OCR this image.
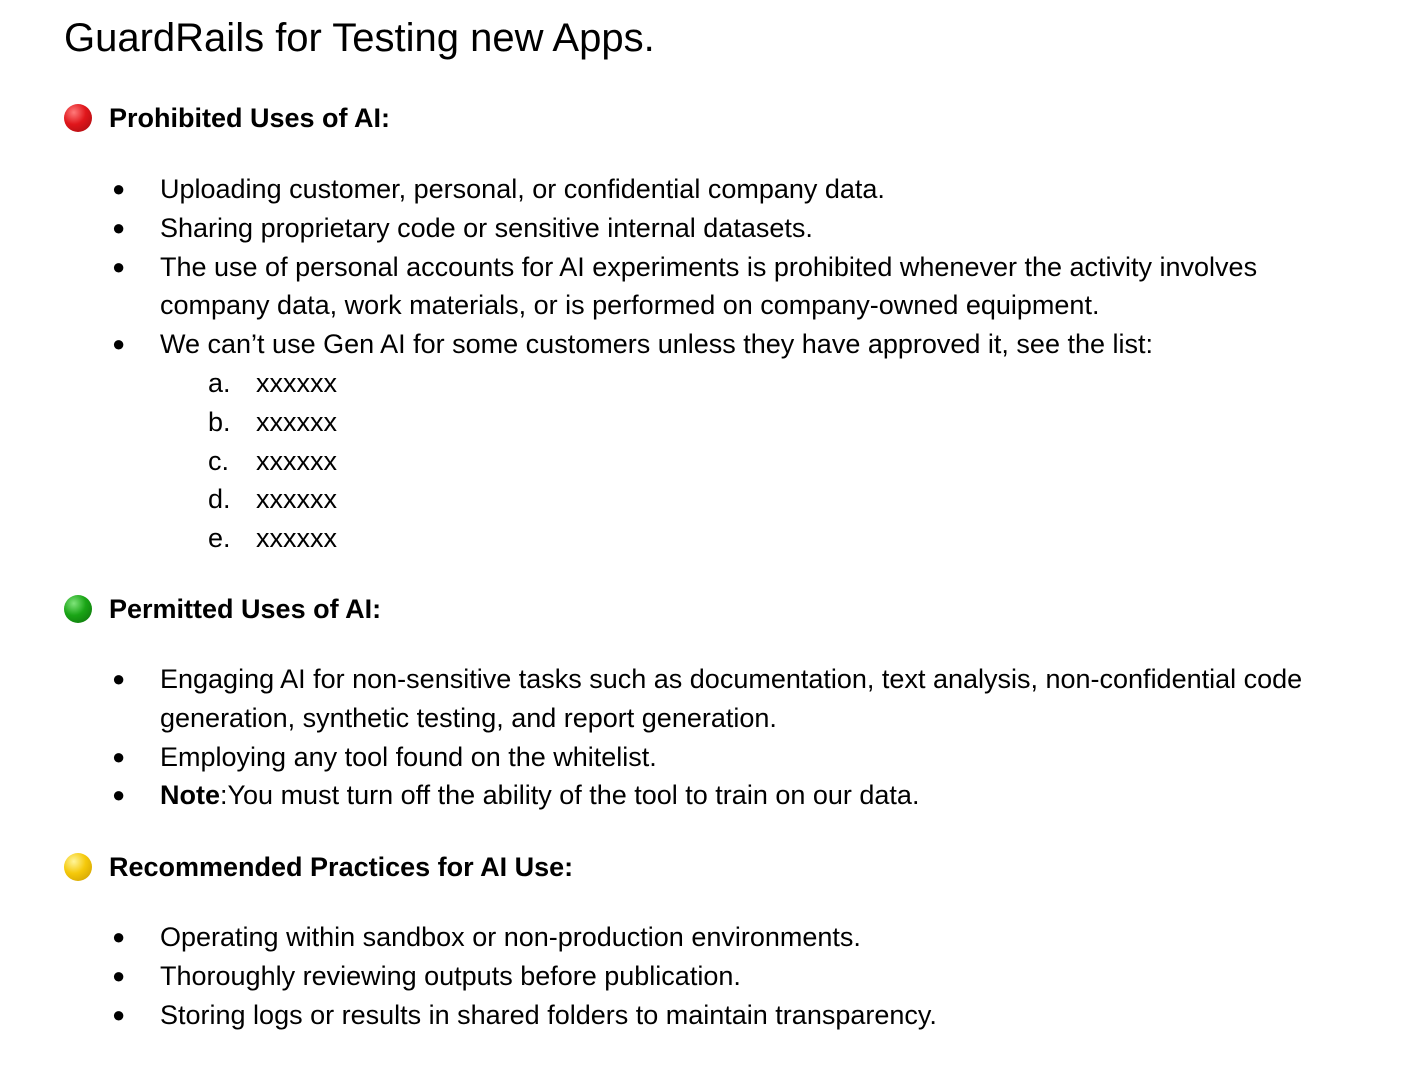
GuardRails for Testing new Apps.
Prohibited Uses of AI:
● Uploading customer, personal, or confidential company data.
● Sharing proprietary code or sensitive internal datasets.
● The use of personal accounts for AI experiments is prohibited whenever the activity involves company data, work materials, or is performed on company-owned equipment.
● We can’t use Gen AI for some customers unless they have approved it, see the list:
a. xxxxxx
b. xxxxxx
c. xxxxxx
d. xxxxxx
e. xxxxxx
Permitted Uses of AI:
● Engaging AI for non-sensitive tasks such as documentation, text analysis, non-confidential code generation, synthetic testing, and report generation.
● Employing any tool found on the whitelist.
● Note:You must turn off the ability of the tool to train on our data.
Recommended Practices for AI Use:
● Operating within sandbox or non-production environments.
● Thoroughly reviewing outputs before publication.
● Storing logs or results in shared folders to maintain transparency.
